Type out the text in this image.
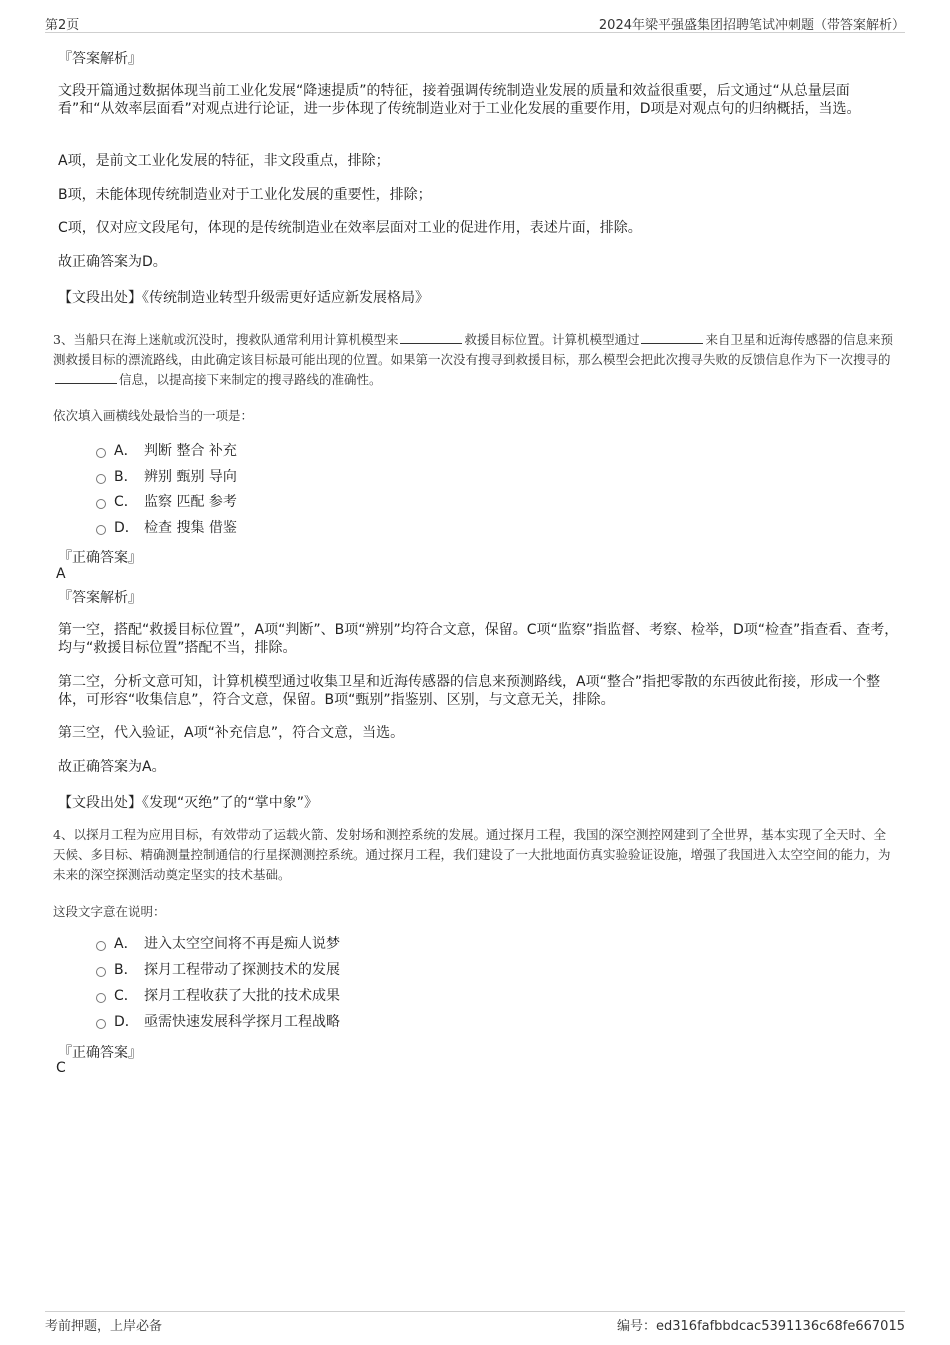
第2页	2024年梁平强盛集团招聘笔试冲刺题（带答案解析）
『答案解析』
文段开篇通过数据体现当前工业化发展“降速提质”的特征，接着强调传统制造业发展的质量和效益很重要，后文通过“从总量层面看”和“从效率层面看”对观点进行论证，进一步体现了传统制造业对于工业化发展的重要作用，D项是对观点句的归纳概括，当选。
A项，是前文工业化发展的特征，非文段重点，排除；
B项，未能体现传统制造业对于工业化发展的重要性，排除；
C项，仅对应文段尾句，体现的是传统制造业在效率层面对工业的促进作用，表述片面，排除。
故正确答案为D。
【文段出处】《传统制造业转型升级需更好适应新发展格局》
3、当船只在海上迷航或沉没时，搜救队通常利用计算机模型来	救援目标位置。计算机模型通过	来自卫星和近海传感器的信息来预测救援目标的漂流路线，由此确定该目标最可能出现的位置。如果第一次没有搜寻到救援目标，那么模型会把此次搜寻失败的反馈信息作为下一次搜寻的信息，以提高接下来制定的搜寻路线的准确性。
依次填入画横线处最恰当的一项是：
A． 判断 整合 补充
B． 辨别 甄别 导向
C． 监察 匹配 参考
D． 检查 搜集 借鉴
『正确答案』
A
『答案解析』
第一空，搭配“救援目标位置”，A项“判断”、B项“辨别”均符合文意，保留。C项“监察”指监督、考察、检举，D项“检查”指查看、查考，均与“救援目标位置”搭配不当，排除。
第二空，分析文意可知，计算机模型通过收集卫星和近海传感器的信息来预测路线，A项“整合”指把零散的东西彼此衔接，形成一个整体，可形容“收集信息”，符合文意，保留。B项“甄别”指鉴别、区别，与文意无关，排除。
第三空，代入验证，A项“补充信息”，符合文意，当选。
故正确答案为A。
【文段出处】《发现“灭绝”了的“掌中象”》
4、以探月工程为应用目标，有效带动了运载火箭、发射场和测控系统的发展。通过探月工程，我国的深空测控网建到了全世界，基本实现了全天时、全天候、多目标、精确测量控制通信的行星探测测控系统。通过探月工程，我们建设了一大批地面仿真实验验证设施，增强了我国进入太空空间的能力，为未来的深空探测活动奠定坚实的技术基础。
这段文字意在说明：
A． 进入太空空间将不再是痴人说梦
B． 探月工程带动了探测技术的发展
C． 探月工程收获了大批的技术成果
D． 亟需快速发展科学探月工程战略
『正确答案』
C
考前押题，上岸必备	编号：ed316fafbbdcac5391136c68fe667015
